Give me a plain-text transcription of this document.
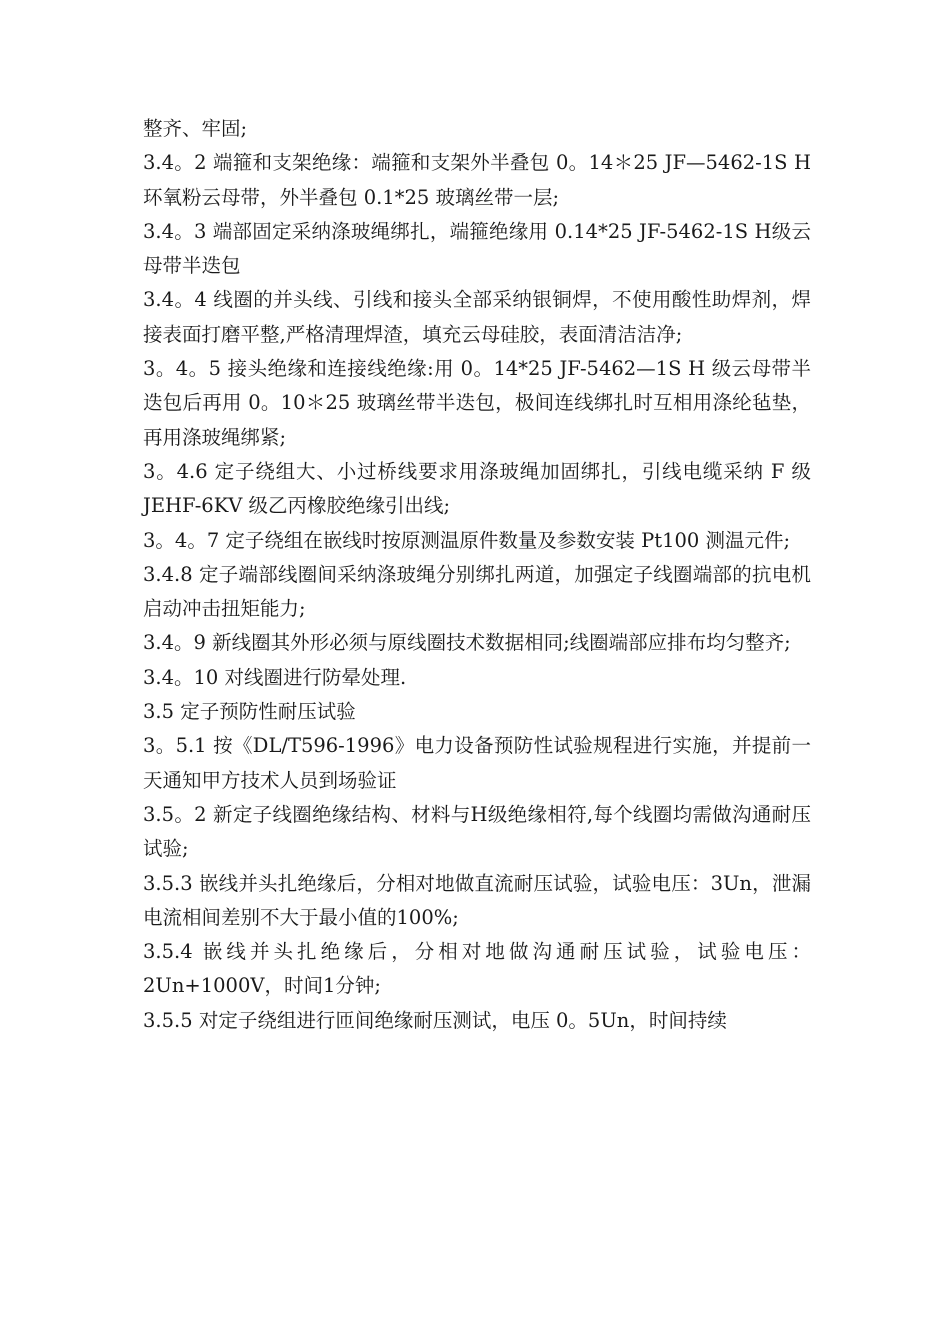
整齐、牢固;

3.4。2 端箍和支架绝缘：端箍和支架外半叠包 0。14＊25 JF—5462-1S H环氧粉云母带，外半叠包 0.1*25 玻璃丝带一层;

3.4。3 端部固定采纳涤玻绳绑扎，端箍绝缘用 0.14*25 JF-5462-1S H级云母带半迭包

3.4。4 线圈的并头线、引线和接头全部采纳银铜焊，不使用酸性助焊剂，焊接表面打磨平整,严格清理焊渣，填充云母硅胶，表面清洁洁净;

3。4。5 接头绝缘和连接线绝缘:用 0。14*25 JF-5462—1S H 级云母带半迭包后再用 0。10＊25 玻璃丝带半迭包，极间连线绑扎时互相用涤纶毡垫，再用涤玻绳绑紧;

3。4.6 定子绕组大、小过桥线要求用涤玻绳加固绑扎，引线电缆采纳 F 级 JEHF-6KV 级乙丙橡胶绝缘引出线;

3。4。7 定子绕组在嵌线时按原测温原件数量及参数安装 Pt100 测温元件;

3.4.8 定子端部线圈间采纳涤玻绳分别绑扎两道，加强定子线圈端部的抗电机启动冲击扭矩能力;

3.4。9 新线圈其外形必须与原线圈技术数据相同;线圈端部应排布均匀整齐;

3.4。10 对线圈进行防晕处理.

3.5 定子预防性耐压试验

3。5.1 按《DL/T596-1996》电力设备预防性试验规程进行实施，并提前一天通知甲方技术人员到场验证

3.5。2 新定子线圈绝缘结构、材料与H级绝缘相符,每个线圈均需做沟通耐压试验;

3.5.3 嵌线并头扎绝缘后，分相对地做直流耐压试验，试验电压：3Un，泄漏电流相间差别不大于最小值的100%;

3.5.4 嵌线并头扎绝缘后，分相对地做沟通耐压试验，试验电压：2Un+1000V，时间1分钟;

3.5.5 对定子绕组进行匝间绝缘耐压测试，电压 0。5Un，时间持续
